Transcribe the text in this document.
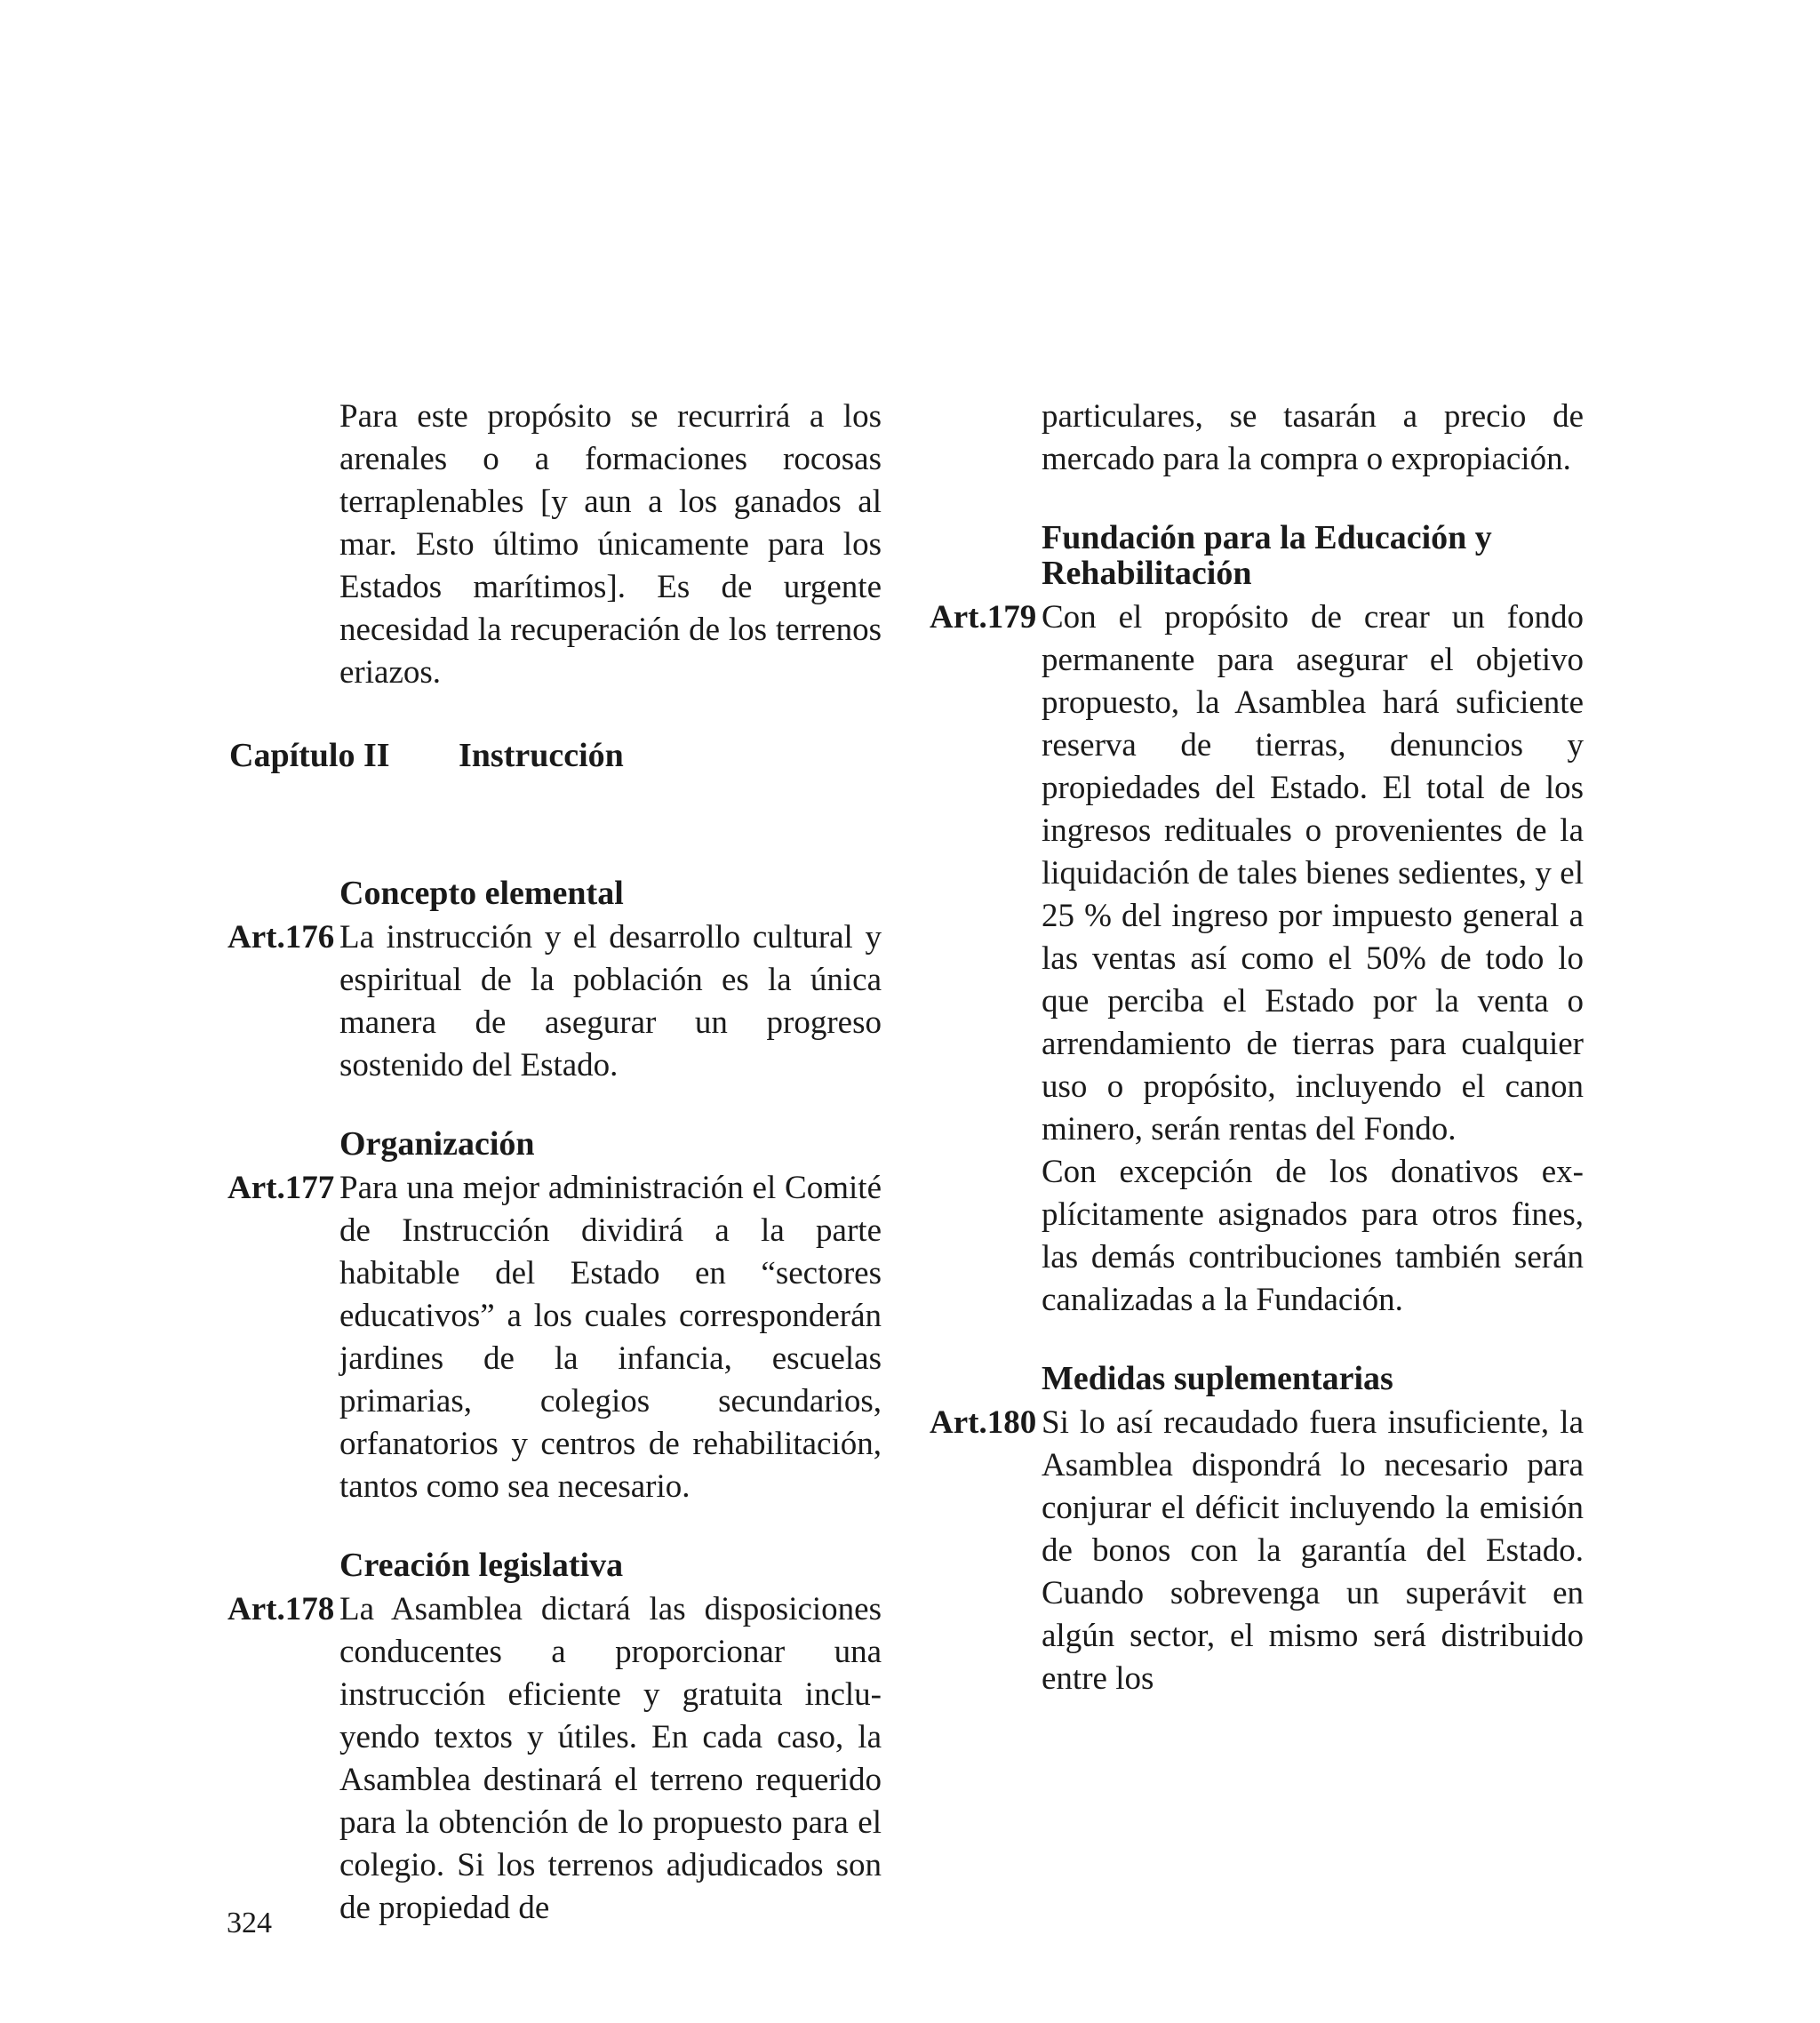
Para este propósito se recurrirá a los arenales o a formaciones rocosas terraplenables [y aun a los ganados al mar. Esto último únicamente para los Estados marítimos]. Es de urgente necesidad la recuperación de los terrenos eriazos.

Concepto elemental
Art.176 La instrucción y el desarrollo cultural y espiritual de la población es la única manera de asegurar un progreso sostenido del Estado.

Organización
Art.177 Para una mejor administración el Comité de Instrucción dividirá a la parte habitable del Estado en “sectores educativos” a los cuales corresponderán jardines de la infancia, escuelas primarias, colegios secundarios, orfanatorios y centros de rehabilitación, tantos como sea necesario.

Creación legislativa
Art.178 La Asamblea dictará las disposiciones conducentes a proporcionar una instrucción eficiente y gratuita incluyendo textos y útiles. En cada caso, la Asamblea destinará el terreno requerido para la obtención de lo propuesto para el colegio. Si los terrenos adjudicados son de propiedad de

Capítulo II Instrucción

particulares, se tasarán a precio de mercado para la compra o expropiación.

Fundación para la Educación y Rehabilitación
Art.179 Con el propósito de crear un fondo permanente para asegurar el objetivo propuesto, la Asamblea hará suficiente reserva de tierras, denuncios y propiedades del Estado. El total de los ingresos redituales o provenientes de la liquidación de tales bienes sedientes, y el 25 % del ingreso por impuesto general a las ventas así como el 50% de todo lo que perciba el Estado por la venta o arrendamiento de tierras para cualquier uso o propósito, incluyendo el canon minero, serán rentas del Fondo.

Con excepción de los donativos explícitamente asignados para otros fines, las demás contribuciones también serán canalizadas a la Fundación.

Medidas suplementarias
Art.180 Si lo así recaudado fuera insuficiente, la Asamblea dispondrá lo necesario para conjurar el déficit incluyendo la emisión de bonos con la garantía del Estado. Cuando sobrevenga un superávit en algún sector, el mismo será distribuido entre los

324
